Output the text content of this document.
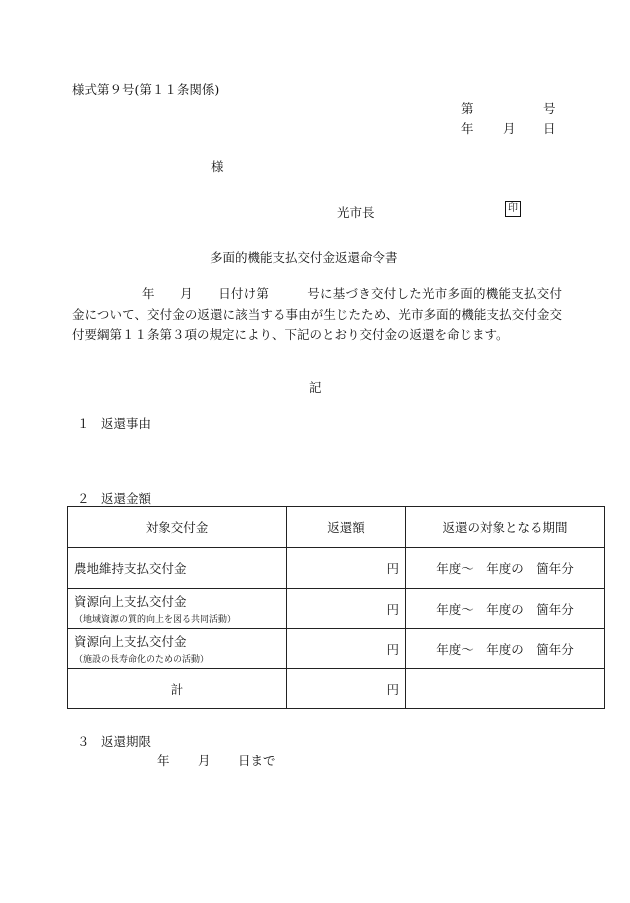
様式第９号(第１１条関係)
第	号
年 月 日
様
光市長	印
多面的機能支払交付金返還命令書
年 月 日付け第	号に基づき交付した光市多面的機能支払交付金について、交付金の返還に該当する事由が生じたため、光市多面的機能支払交付金交付要綱第１１条第３項の規定により、下記のとおり交付金の返還を命じます。
記
１ 返還事由
２ 返還金額
対象交付金	返還額	返還の対象となる期間
農地維持支払交付金	円	年度～　年度の　箇年分
資源向上支払交付金
（地域資源の質的向上を図る共同活動）	円	年度～　年度の　箇年分
資源向上支払交付金
（施設の長寿命化のための活動）	円	年度～　年度の　箇年分
計	円	
３ 返還期限
年 月 日まで
